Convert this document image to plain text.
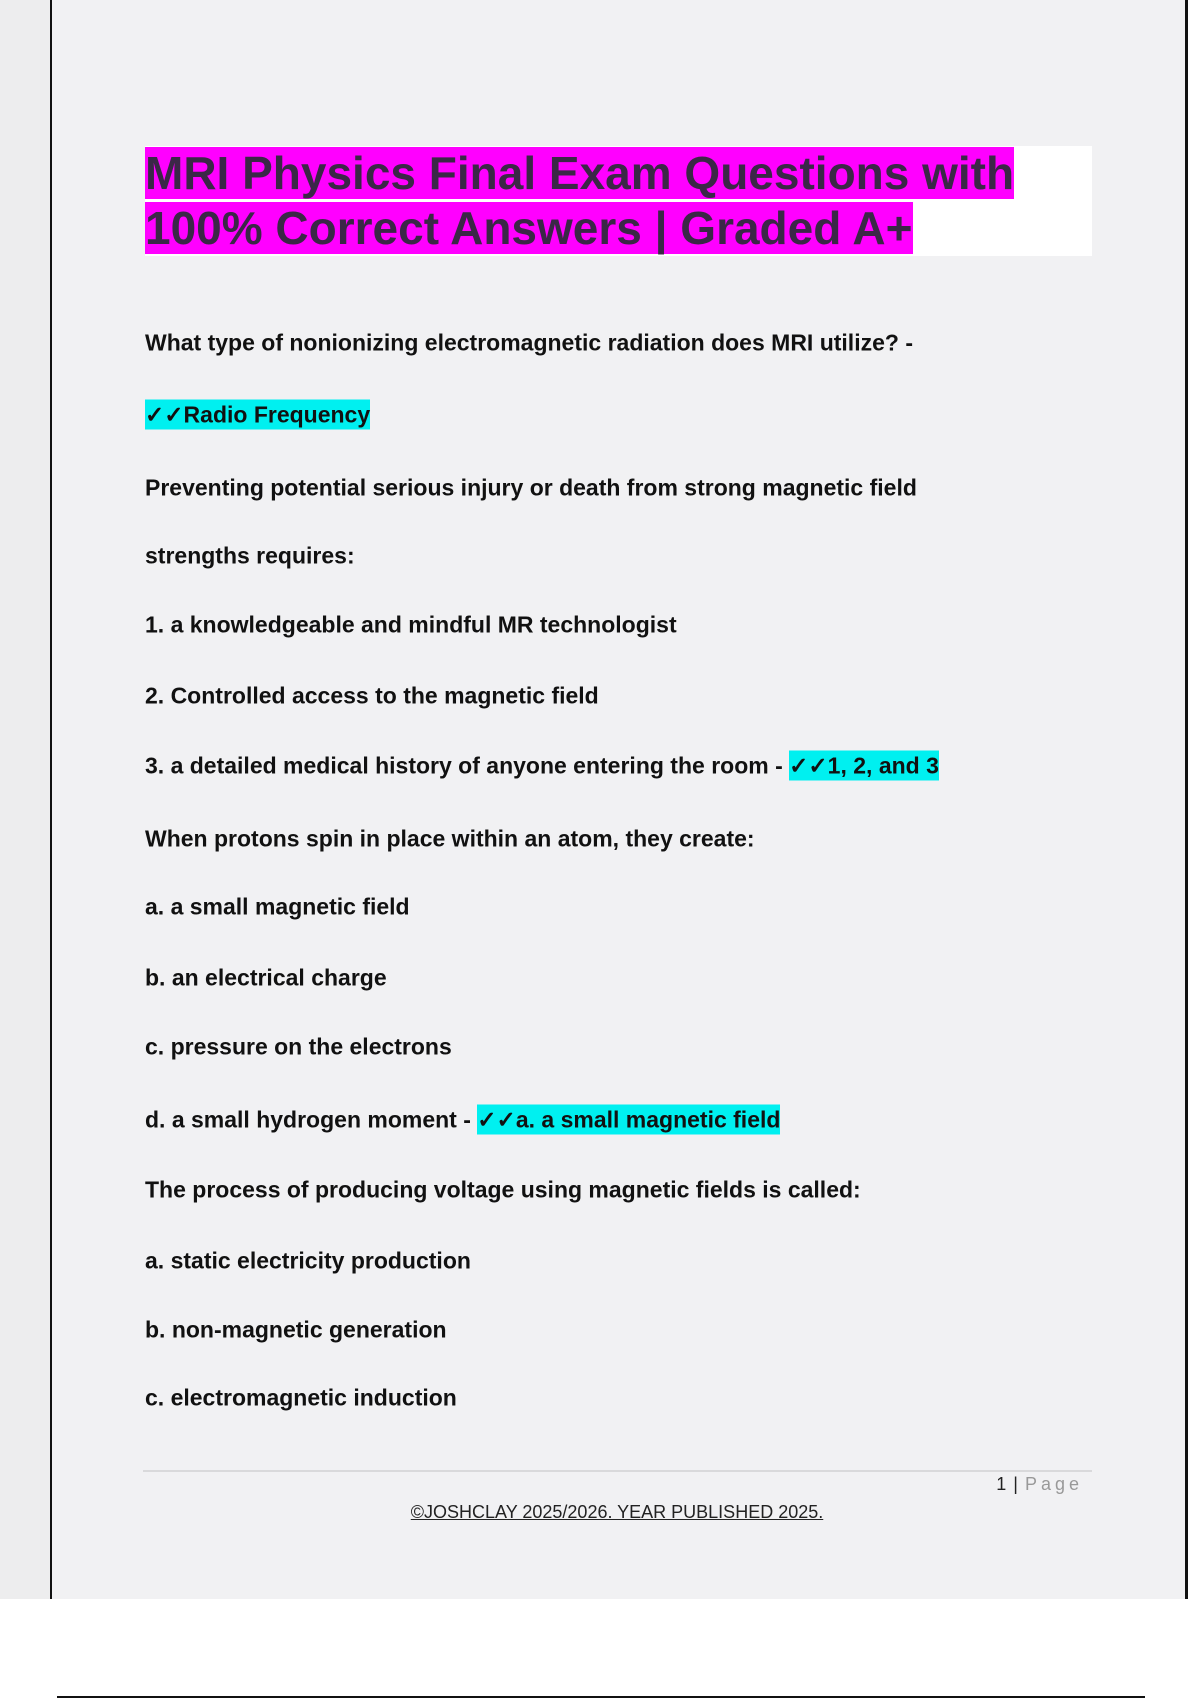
MRI Physics Final Exam Questions with
100% Correct Answers | Graded A+
What type of nonionizing electromagnetic radiation does MRI utilize? -
✓✓Radio Frequency
Preventing potential serious injury or death from strong magnetic field
strengths requires:
1. a knowledgeable and mindful MR technologist
2. Controlled access to the magnetic field
3. a detailed medical history of anyone entering the room - ✓✓1, 2, and 3
When protons spin in place within an atom, they create:
a. a small magnetic field
b. an electrical charge
c. pressure on the electrons
d. a small hydrogen moment - ✓✓a. a small magnetic field
The process of producing voltage using magnetic fields is called:
a. static electricity production
b. non-magnetic generation
c. electromagnetic induction
1 | Page
©JOSHCLAY 2025/2026. YEAR PUBLISHED 2025.
